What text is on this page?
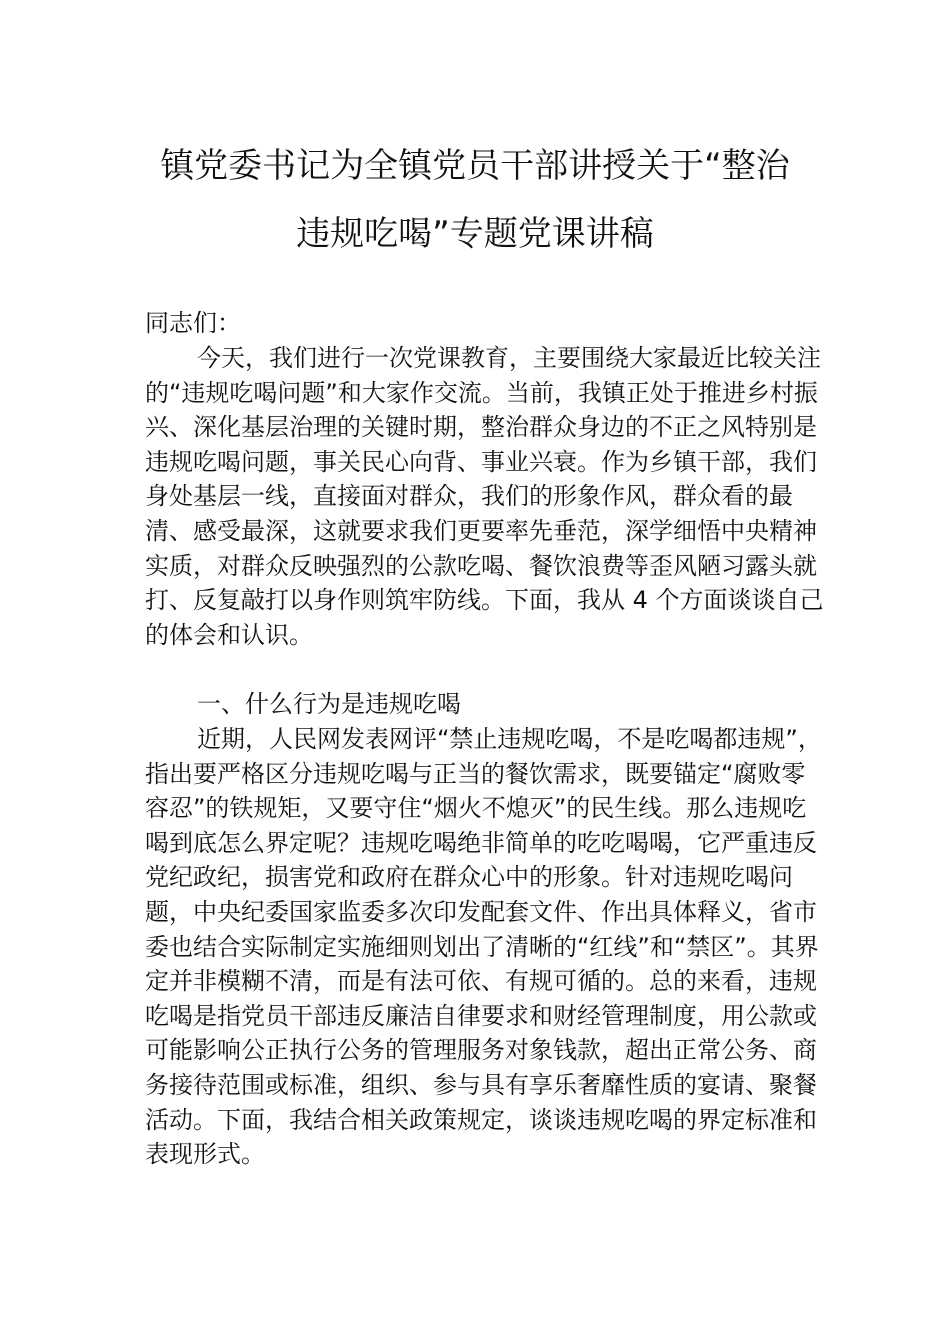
镇党委书记为全镇党员干部讲授关于“整治
违规吃喝”专题党课讲稿
同志们：
今天，我们进行一次党课教育，主要围绕大家最近比较关注的“违规吃喝问题”和大家作交流。当前，我镇正处于推进乡村振兴、深化基层治理的关键时期，整治群众身边的不正之风特别是违规吃喝问题，事关民心向背、事业兴衰。作为乡镇干部，我们身处基层一线，直接面对群众，我们的形象作风，群众看的最清、感受最深，这就要求我们更要率先垂范，深学细悟中央精神实质，对群众反映强烈的公款吃喝、餐饮浪费等歪风陋习露头就打、反复敲打以身作则筑牢防线。下面，我从 4 个方面谈谈自己的体会和认识。
一、什么行为是违规吃喝
近期，人民网发表网评“禁止违规吃喝，不是吃喝都违规”，指出要严格区分违规吃喝与正当的餐饮需求，既要锚定“腐败零容忍”的铁规矩，又要守住“烟火不熄灭”的民生线。那么违规吃喝到底怎么界定呢？违规吃喝绝非简单的吃吃喝喝，它严重违反党纪政纪，损害党和政府在群众心中的形象。针对违规吃喝问题，中央纪委国家监委多次印发配套文件、作出具体释义，省市委也结合实际制定实施细则划出了清晰的“红线”和“禁区”。其界定并非模糊不清，而是有法可依、有规可循的。总的来看，违规吃喝是指党员干部违反廉洁自律要求和财经管理制度，用公款或可能影响公正执行公务的管理服务对象钱款，超出正常公务、商务接待范围或标准，组织、参与具有享乐奢靡性质的宴请、聚餐活动。下面，我结合相关政策规定，谈谈违规吃喝的界定标准和表现形式。
